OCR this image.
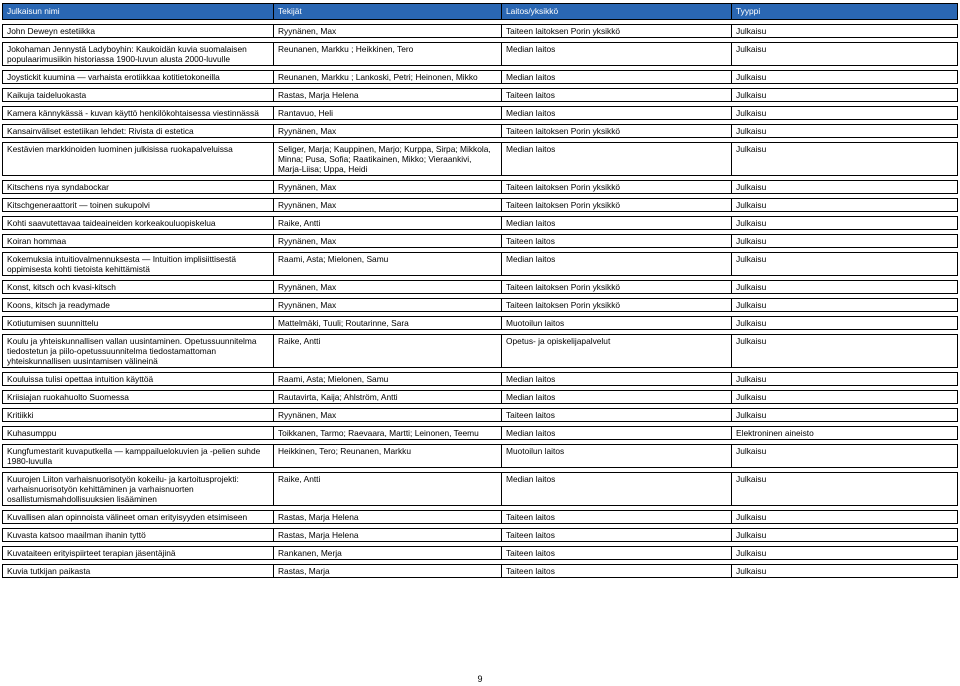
Julkaisun nimi	Tekijät	Laitos/yksikkö	Tyyppi

John Deweyn estetiikka	Ryynänen, Max	Taiteen laitoksen Porin yksikkö	Julkaisu

Jokohaman Jennystä Ladyboyhin: Kaukoidän kuvia suomalaisen populaarimusiikin historiassa 1900-luvun alusta 2000-luvulle	Reunanen, Markku ; Heikkinen, Tero	Median laitos	Julkaisu

Joystickit kuumina — varhaista erotiikkaa kotitietokoneilla	Reunanen, Markku ; Lankoski, Petri; Heinonen, Mikko	Median laitos	Julkaisu

Kaikuja taideluokasta	Rastas, Marja Helena	Taiteen laitos	Julkaisu

Kamera kännykässä - kuvan käyttö henkilökohtaisessa viestinnässä	Rantavuo, Heli	Median laitos	Julkaisu

Kansainväliset estetiikan lehdet: Rivista di estetica	Ryynänen, Max	Taiteen laitoksen Porin yksikkö	Julkaisu

Kestävien markkinoiden luominen julkisissa ruokapalveluissa	Seliger, Marja; Kauppinen, Marjo; Kurppa, Sirpa; Mikkola, Minna; Pusa, Sofia; Raatikainen, Mikko; Vieraankivi, Marja-Liisa; Uppa, Heidi	Median laitos	Julkaisu

Kitschens nya syndabockar	Ryynänen, Max	Taiteen laitoksen Porin yksikkö	Julkaisu

Kitschgeneraattorit — toinen sukupolvi	Ryynänen, Max	Taiteen laitoksen Porin yksikkö	Julkaisu

Kohti saavutettavaa taideaineiden korkeakouluopiskelua	Raike, Antti	Median laitos	Julkaisu

Koiran hommaa	Ryynänen, Max	Taiteen laitos	Julkaisu

Kokemuksia intuitiovalmennuksesta — Intuition implisiittisestä oppimisesta kohti tietoista kehittämistä	Raami, Asta; Mielonen, Samu	Median laitos	Julkaisu

Konst, kitsch och kvasi-kitsch	Ryynänen, Max	Taiteen laitoksen Porin yksikkö	Julkaisu

Koons, kitsch ja readymade	Ryynänen, Max	Taiteen laitoksen Porin yksikkö	Julkaisu

Kotiutumisen suunnittelu	Mattelmäki, Tuuli; Routarinne, Sara	Muotoilun laitos	Julkaisu

Koulu ja yhteiskunnallisen vallan uusintaminen. Opetussuunnitelma tiedostetun ja piilo-opetussuunnitelma tiedostamattoman yhteiskunnallisen uusintamisen välineinä	Raike, Antti	Opetus- ja opiskelijapalvelut	Julkaisu

Kouluissa tulisi opettaa intuition käyttöä	Raami, Asta; Mielonen, Samu	Median laitos	Julkaisu

Kriisiajan ruokahuolto Suomessa	Rautavirta, Kaija; Ahlström, Antti	Median laitos	Julkaisu

Kritiikki	Ryynänen, Max	Taiteen laitos	Julkaisu

Kuhasumppu	Toikkanen, Tarmo; Raevaara, Martti; Leinonen, Teemu	Median laitos	Elektroninen aineisto

Kungfumestarit kuvaputkella — kamppailuelokuvien ja -pelien suhde 1980-luvulla	Heikkinen, Tero; Reunanen, Markku	Muotoilun laitos	Julkaisu

Kuurojen Liiton varhaisnuorisotyön kokeilu- ja kartoitusprojekti: varhaisnuorisotyön kehittäminen ja varhaisnuorten osallistumismahdollisuuksien lisääminen	Raike, Antti	Median laitos	Julkaisu

Kuvallisen alan opinnoista välineet oman erityisyyden etsimiseen	Rastas, Marja Helena	Taiteen laitos	Julkaisu

Kuvasta katsoo maailman ihanin tyttö	Rastas, Marja Helena	Taiteen laitos	Julkaisu

Kuvataiteen erityispiirteet terapian jäsentäjinä	Rankanen, Merja	Taiteen laitos	Julkaisu

Kuvia tutkijan paikasta	Rastas, Marja	Taiteen laitos	Julkaisu
9
